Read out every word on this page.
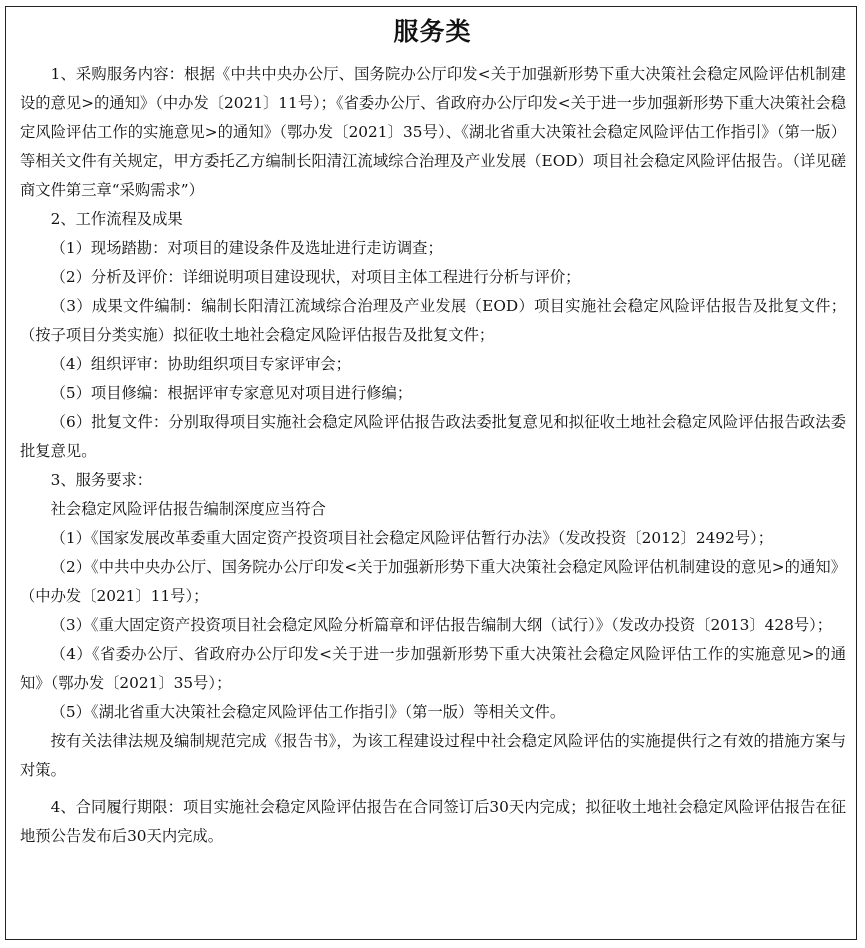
服务类

1、采购服务内容：根据《中共中央办公厅、国务院办公厅印发<关于加强新形势下重大决策社会稳定风险评估机制建设的意见>的通知》（中办发〔2021〕11号）；《省委办公厅、省政府办公厅印发<关于进一步加强新形势下重大决策社会稳定风险评估工作的实施意见>的通知》（鄂办发〔2021〕35号）、《湖北省重大决策社会稳定风险评估工作指引》（第一版）等相关文件有关规定，甲方委托乙方编制长阳清江流域综合治理及产业发展（EOD）项目社会稳定风险评估报告。（详见磋商文件第三章“采购需求”）

2、工作流程及成果

（1）现场踏勘：对项目的建设条件及选址进行走访调查；

（2）分析及评价：详细说明项目建设现状，对项目主体工程进行分析与评价；

（3）成果文件编制：编制长阳清江流域综合治理及产业发展（EOD）项目实施社会稳定风险评估报告及批复文件；（按子项目分类实施）拟征收土地社会稳定风险评估报告及批复文件；

（4）组织评审：协助组织项目专家评审会；

（5）项目修编：根据评审专家意见对项目进行修编；

（6）批复文件：分别取得项目实施社会稳定风险评估报告政法委批复意见和拟征收土地社会稳定风险评估报告政法委批复意见。

3、服务要求：

社会稳定风险评估报告编制深度应当符合

（1）《国家发展改革委重大固定资产投资项目社会稳定风险评估暂行办法》（发改投资〔2012〕2492号）；

（2）《中共中央办公厅、国务院办公厅印发<关于加强新形势下重大决策社会稳定风险评估机制建设的意见>的通知》（中办发〔2021〕11号）；

（3）《重大固定资产投资项目社会稳定风险分析篇章和评估报告编制大纲（试行）》（发改办投资〔2013〕428号）；

（4）《省委办公厅、省政府办公厅印发<关于进一步加强新形势下重大决策社会稳定风险评估工作的实施意见>的通知》（鄂办发〔2021〕35号）；

（5）《湖北省重大决策社会稳定风险评估工作指引》（第一版）等相关文件。

按有关法律法规及编制规范完成《报告书》，为该工程建设过程中社会稳定风险评估的实施提供行之有效的措施方案与对策。

4、合同履行期限：项目实施社会稳定风险评估报告在合同签订后30天内完成；拟征收土地社会稳定风险评估报告在征地预公告发布后30天内完成。
